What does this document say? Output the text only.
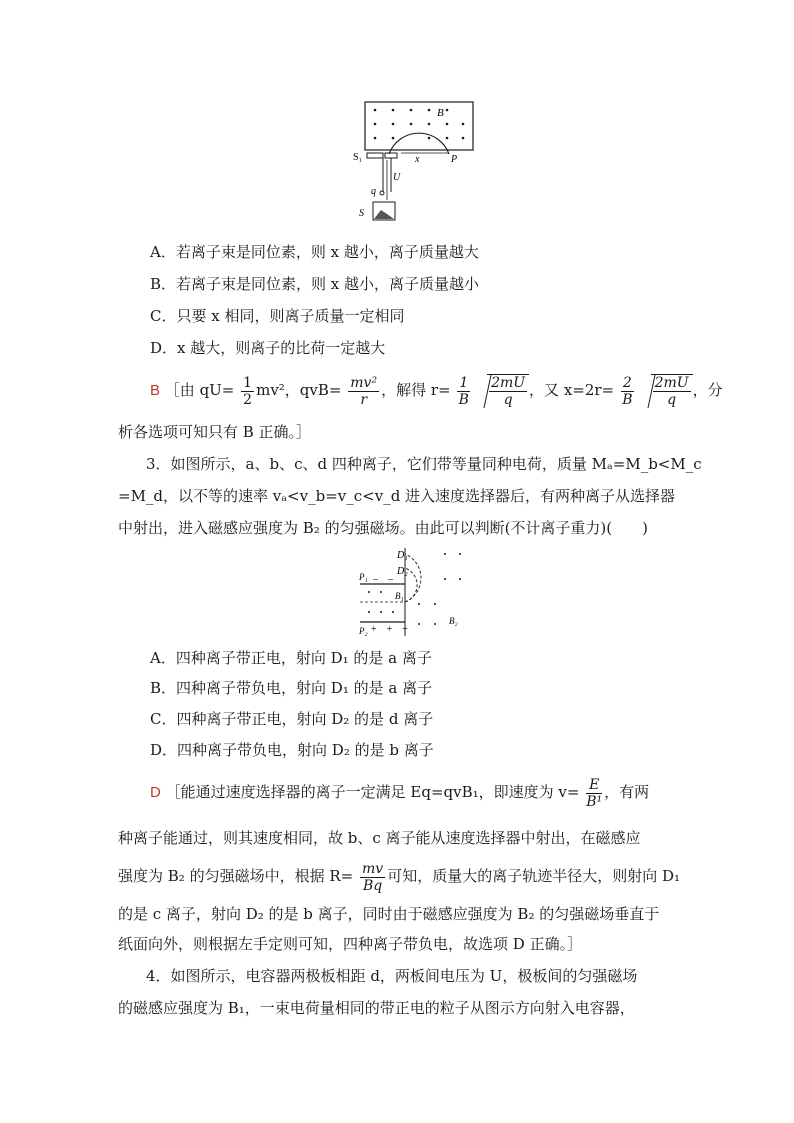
B
S₁	x	P
U
q
S
A．若离子束是同位素，则 x 越小，离子质量越大
B．若离子束是同位素，则 x 越小，离子质量越小
C．只要 x 相同，则离子质量一定相同
D．x 越大，则离子的比荷一定越大
B ［由 $qU= \frac{1}{2} mv^2$，$qvB= \frac{\text{mv²}}{r}$ ，解得 $r= \frac{1}{B}$
$\frac{2mU}{q}$ ，又 $x=2r= \frac{2}{B}$
$\frac{2mU}{q}$ ，分
析各选项可知只有 B 正确。］
3．如图所示，a、b、c、d 四种离子，它们带等量同种电荷，质量 Mₐ=M_b<M_c
=M_d，以不等的速率 vₐ<v_b=v_c<v_d 进入速度选择器后，有两种离子从选择器
中射出，进入磁感应强度为 B₂ 的匀强磁场。由此可以判断(不计离子重力)(　　)
D₁
D₂
P₁ –　–
B₁
P₂ +　+　+
B₂
A．四种离子带正电，射向 D₁ 的是 a 离子
B．四种离子带负电，射向 D₁ 的是 a 离子
C．四种离子带正电，射向 D₂ 的是 d 离子
D．四种离子带负电，射向 D₂ 的是 b 离子
D ［能通过速度选择器的离子一定满足 Eq=qvB₁，即速度为 $v= \frac{E}{\text{B¹}}$ ，有两
种离子能通过，则其速度相同，故 b、c 离子能从速度选择器中射出，在磁感应
强度为 B₂ 的匀强磁场中，根据 $R= \frac{mv}{Bq}$ 可知，质量大的离子轨迹半径大，则射向 D₁
的是 c 离子，射向 D₂ 的是 b 离子，同时由于磁感应强度为 B₂ 的匀强磁场垂直于
纸面向外，则根据左手定则可知，四种离子带负电，故选项 D 正确。］
4．如图所示，电容器两极板相距 d，两板间电压为 U，极板间的匀强磁场
的磁感应强度为 B₁，一束电荷量相同的带正电的粒子从图示方向射入电容器，
